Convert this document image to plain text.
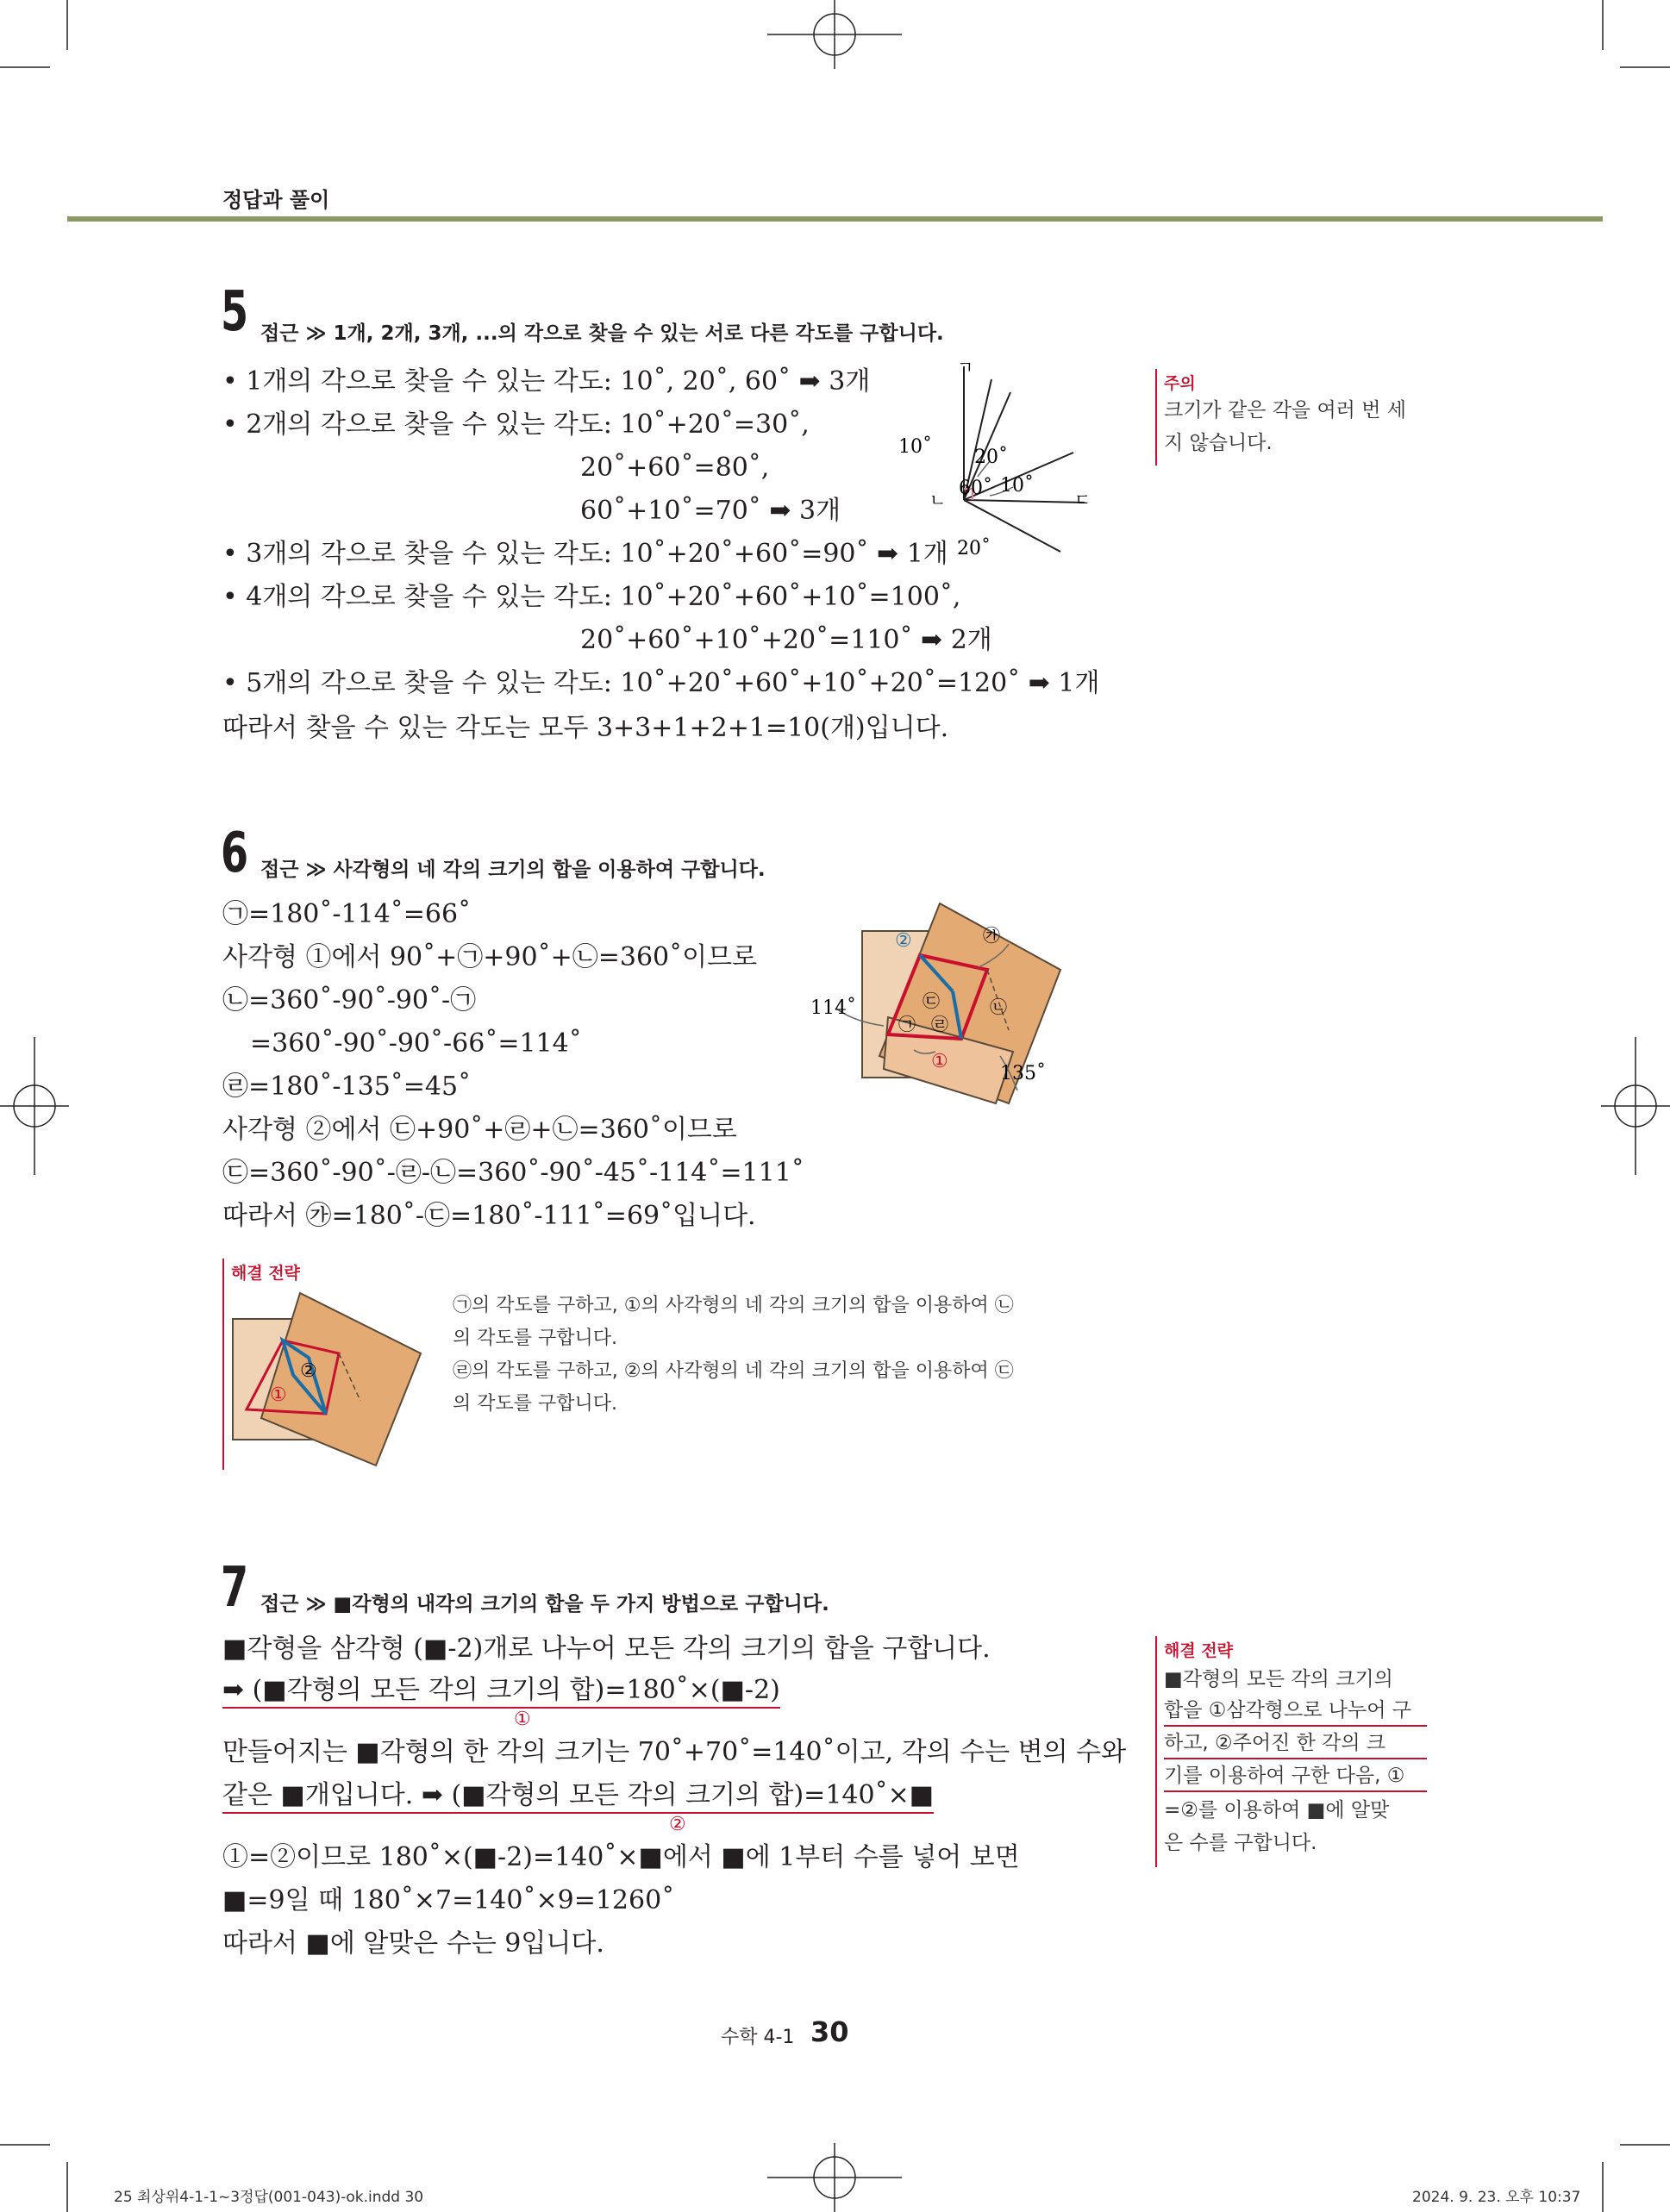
정답과 풀이
5 접근 ≫ 1개, 2개, 3개, ...의 각으로 찾을 수 있는 서로 다른 각도를 구합니다.
• 1개의 각으로 찾을 수 있는 각도: 10˚, 20˚, 60˚ ➡ 3개
• 2개의 각으로 찾을 수 있는 각도: 10˚+20˚=30˚,
20˚+60˚=80˚,
60˚+10˚=70˚ ➡ 3개
• 3개의 각으로 찾을 수 있는 각도: 10˚+20˚+60˚=90˚ ➡ 1개
• 4개의 각으로 찾을 수 있는 각도: 10˚+20˚+60˚+10˚=100˚,
20˚+60˚+10˚+20˚=110˚ ➡ 2개
• 5개의 각으로 찾을 수 있는 각도: 10˚+20˚+60˚+10˚+20˚=120˚ ➡ 1개
따라서 찾을 수 있는 각도는 모두 3+3+1+2+1=10(개)입니다.
ㄱ
ㄴ	ㄷ
10˚ 20˚
60˚ 10˚
20˚
주의
크기가 같은 각을 여러 번 세
지 않습니다.
6 접근 ≫ 사각형의 네 각의 크기의 합을 이용하여 구합니다.
㉠=180˚-114˚=66˚
사각형 ①에서 90˚+㉠+90˚+㉡=360˚이므로
㉡=360˚-90˚-90˚-㉠
=360˚-90˚-90˚-66˚=114˚
㉣=180˚-135˚=45˚
사각형 ②에서 ㉢+90˚+㉣+㉡=360˚이므로
㉢=360˚-90˚-㉣-㉡=360˚-90˚-45˚-114˚=111˚
따라서 ㉮=180˚-㉢=180˚-111˚=69˚입니다.
114˚
135˚
㉮
②
㉢
㉠ ㉣
㉡
①
해결 전략
②
①
㉠의 각도를 구하고, ①의 사각형의 네 각의 크기의 합을 이용하여 ㉡
의 각도를 구합니다.
㉣의 각도를 구하고, ②의 사각형의 네 각의 크기의 합을 이용하여 ㉢
의 각도를 구합니다.
7 접근 ≫ ■각형의 내각의 크기의 합을 두 가지 방법으로 구합니다.
■각형을 삼각형 (■-2)개로 나누어 모든 각의 크기의 합을 구합니다.
➡ (■각형의 모든 각의 크기의 합)=180˚×(■-2)
①
만들어지는 ■각형의 한 각의 크기는 70˚+70˚=140˚이고, 각의 수는 변의 수와
같은 ■개입니다. ➡ (■각형의 모든 각의 크기의 합)=140˚×■
②
①=②이므로 180˚×(■-2)=140˚×■에서 ■에 1부터 수를 넣어 보면
■=9일 때 180˚×7=140˚×9=1260˚
따라서 ■에 알맞은 수는 9입니다.
해결 전략
■각형의 모든 각의 크기의
합을 ①삼각형으로 나누어 구
하고, ②주어진 한 각의 크
기를 이용하여 구한 다음, ①
=②를 이용하여 ■에 알맞
은 수를 구합니다.
수학 4-1 30
25 최상위4-1-1~3정답(001-043)-ok.indd 30	2024. 9. 23. 오후 10:37
